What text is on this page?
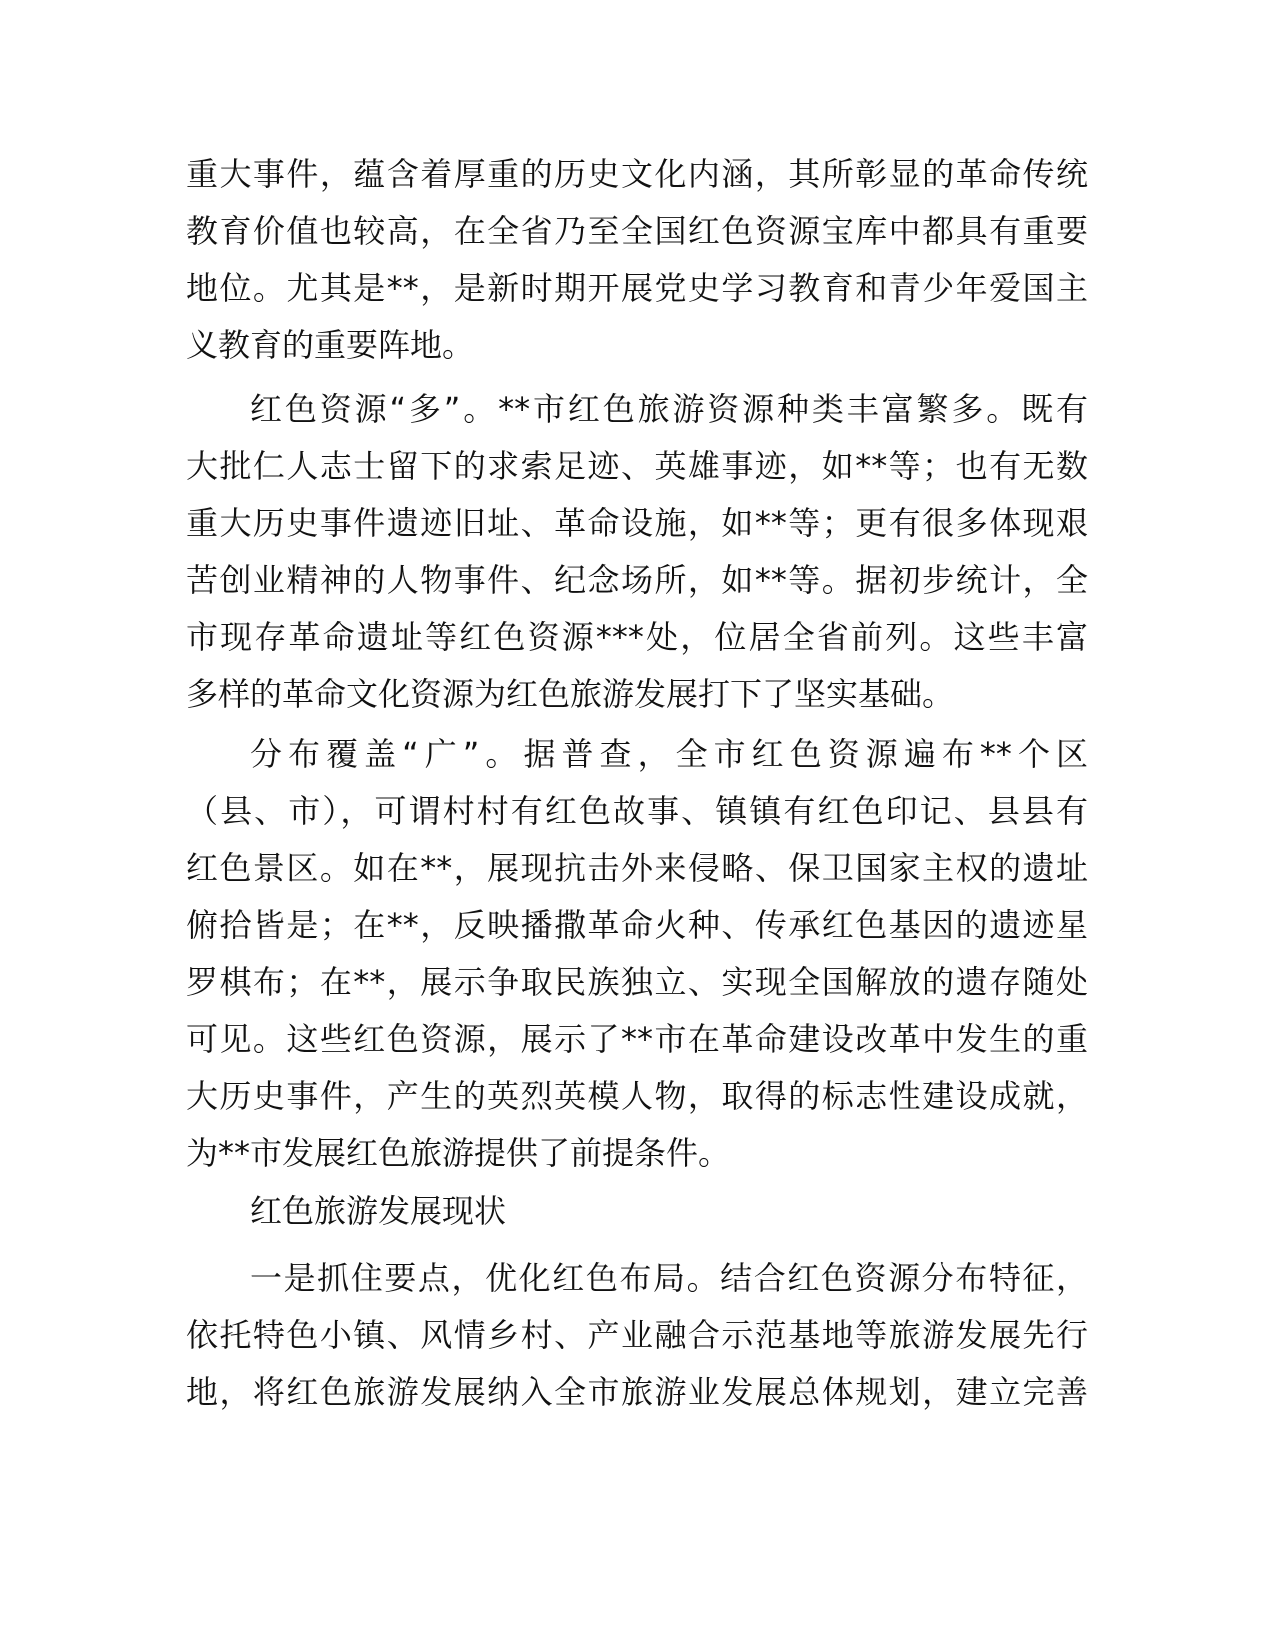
重大事件，蕴含着厚重的历史文化内涵，其所彰显的革命传统
教育价值也较高，在全省乃至全国红色资源宝库中都具有重要
地位。尤其是**，是新时期开展党史学习教育和青少年爱国主
义教育的重要阵地。
红色资源“多”。**市红色旅游资源种类丰富繁多。既有
大批仁人志士留下的求索足迹、英雄事迹，如**等；也有无数
重大历史事件遗迹旧址、革命设施，如**等；更有很多体现艰
苦创业精神的人物事件、纪念场所，如**等。据初步统计，全
市现存革命遗址等红色资源***处，位居全省前列。这些丰富
多样的革命文化资源为红色旅游发展打下了坚实基础。
分布覆盖“广”。据普查，全市红色资源遍布**个区
（县、市），可谓村村有红色故事、镇镇有红色印记、县县有
红色景区。如在**，展现抗击外来侵略、保卫国家主权的遗址
俯拾皆是；在**，反映播撒革命火种、传承红色基因的遗迹星
罗棋布；在**，展示争取民族独立、实现全国解放的遗存随处
可见。这些红色资源，展示了**市在革命建设改革中发生的重
大历史事件，产生的英烈英模人物，取得的标志性建设成就，
为**市发展红色旅游提供了前提条件。
红色旅游发展现状
一是抓住要点，优化红色布局。结合红色资源分布特征，
依托特色小镇、风情乡村、产业融合示范基地等旅游发展先行
地，将红色旅游发展纳入全市旅游业发展总体规划，建立完善
